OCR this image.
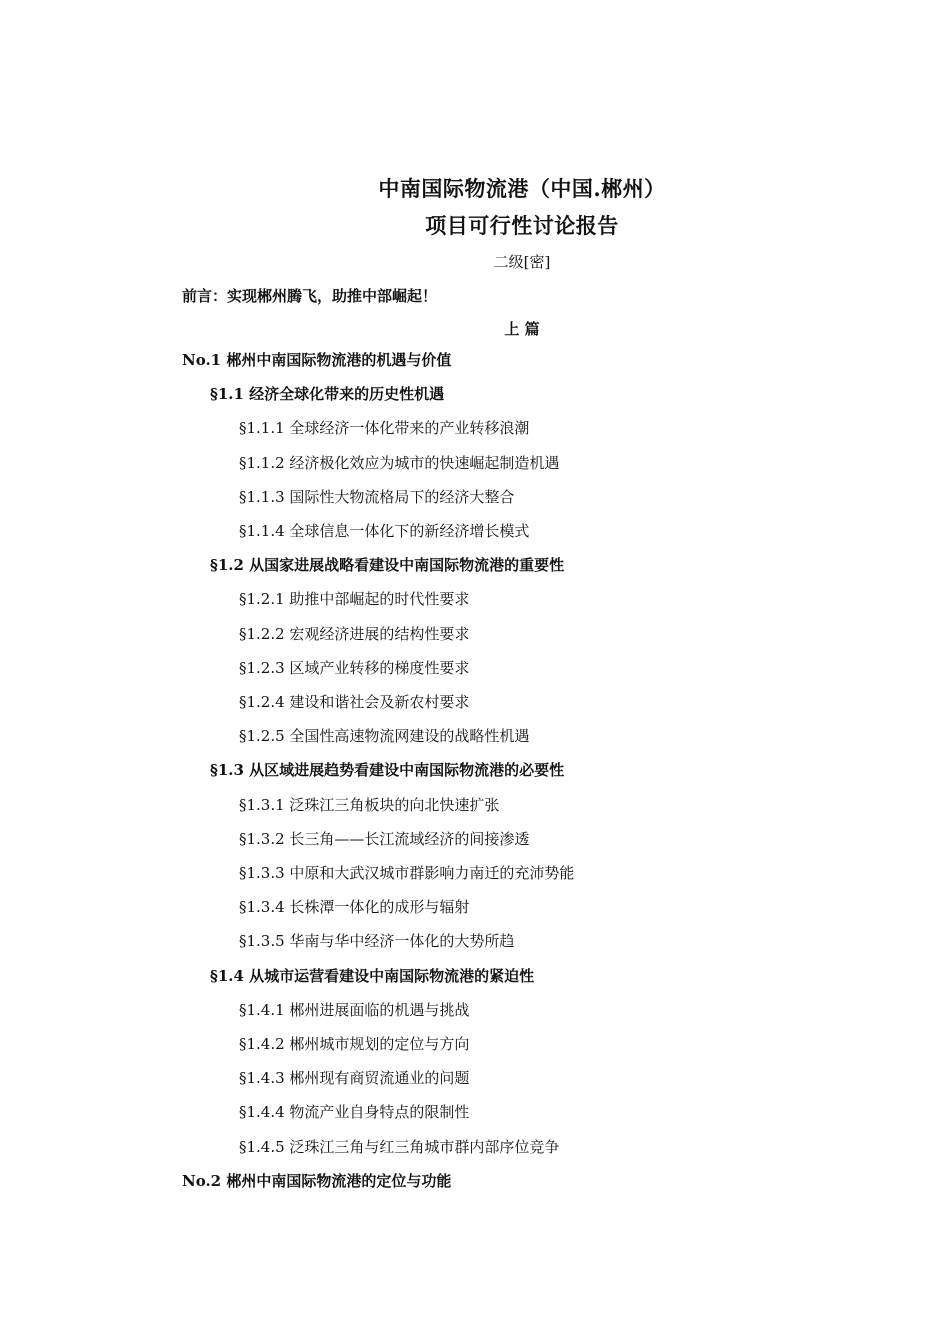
中南国际物流港（中国.郴州）
项目可行性讨论报告
二级[密]
前言：实现郴州腾飞，助推中部崛起！
上 篇
No.1 郴州中南国际物流港的机遇与价值
§1.1 经济全球化带来的历史性机遇
§1.1.1 全球经济一体化带来的产业转移浪潮
§1.1.2 经济极化效应为城市的快速崛起制造机遇
§1.1.3 国际性大物流格局下的经济大整合
§1.1.4 全球信息一体化下的新经济增长模式
§1.2 从国家进展战略看建设中南国际物流港的重要性
§1.2.1 助推中部崛起的时代性要求
§1.2.2 宏观经济进展的结构性要求
§1.2.3 区域产业转移的梯度性要求
§1.2.4 建设和谐社会及新农村要求
§1.2.5 全国性高速物流网建设的战略性机遇
§1.3 从区域进展趋势看建设中南国际物流港的必要性
§1.3.1 泛珠江三角板块的向北快速扩张
§1.3.2 长三角——长江流域经济的间接渗透
§1.3.3 中原和大武汉城市群影响力南迁的充沛势能
§1.3.4 长株潭一体化的成形与辐射
§1.3.5 华南与华中经济一体化的大势所趋
§1.4 从城市运营看建设中南国际物流港的紧迫性
§1.4.1 郴州进展面临的机遇与挑战
§1.4.2 郴州城市规划的定位与方向
§1.4.3 郴州现有商贸流通业的问题
§1.4.4 物流产业自身特点的限制性
§1.4.5 泛珠江三角与红三角城市群内部序位竞争
No.2 郴州中南国际物流港的定位与功能
